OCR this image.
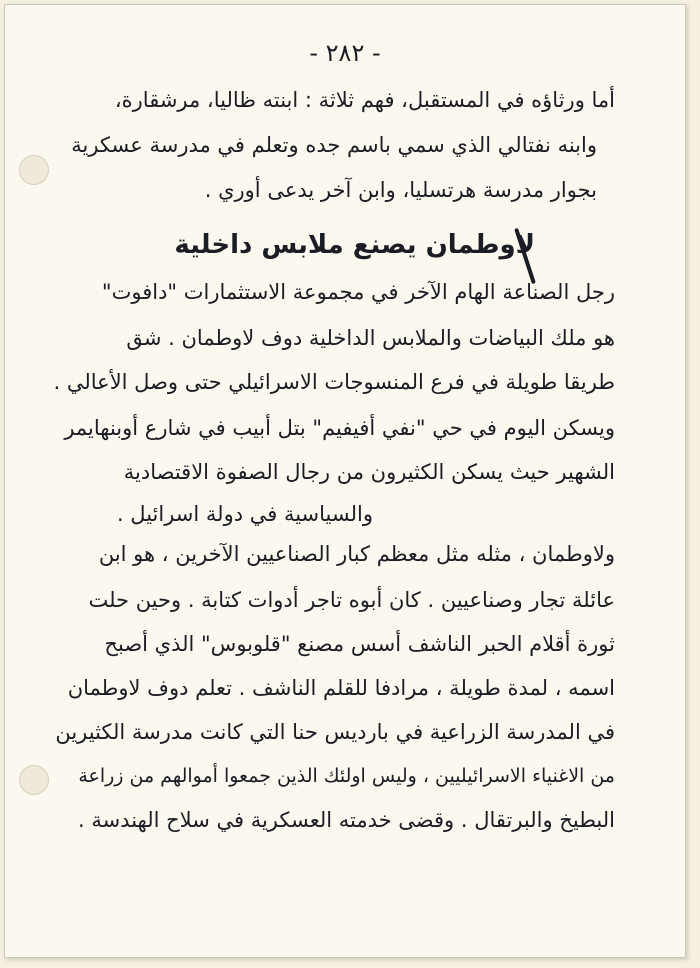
- ٢٨٢ -
أما ورثاؤه في المستقبل، فهم ثلاثة : ابنته ظاليا، مرشقارة،
وابنه نفتالي الذي سمي باسم جده وتعلم في مدرسة عسكرية
بجوار مدرسة هرتسليا، وابن آخر يدعى أوري .
لاوطمان يصنع ملابس داخلية
رجل الصناعة الهام الآخر في مجموعة الاستثمارات "دافوت"
هو ملك البياضات والملابس الداخلية دوف لاوطمان . شق
طريقا طويلة في فرع المنسوجات الاسرائيلي حتى وصل الأعالي .
ويسكن اليوم في حي "نفي أفيفيم" بتل أبيب في شارع أوبنهايمر
الشهير حيث يسكن الكثيرون من رجال الصفوة الاقتصادية
والسياسية في دولة اسرائيل .
ولاوطمان ، مثله مثل معظم كبار الصناعيين الآخرين ، هو ابن
عائلة تجار وصناعيين . كان أبوه تاجر أدوات كتابة . وحين حلت
ثورة أقلام الحبر الناشف أسس مصنع "قلوبوس" الذي أصبح
اسمه ، لمدة طويلة ، مرادفا للقلم الناشف . تعلم دوف لاوطمان
في المدرسة الزراعية في بارديس حنا التي كانت مدرسة الكثيرين
من الاغنياء الاسرائيليين ، وليس اولئك الذين جمعوا أموالهم من زراعة
البطيخ والبرتقال . وقضى خدمته العسكرية في سلاح الهندسة .
